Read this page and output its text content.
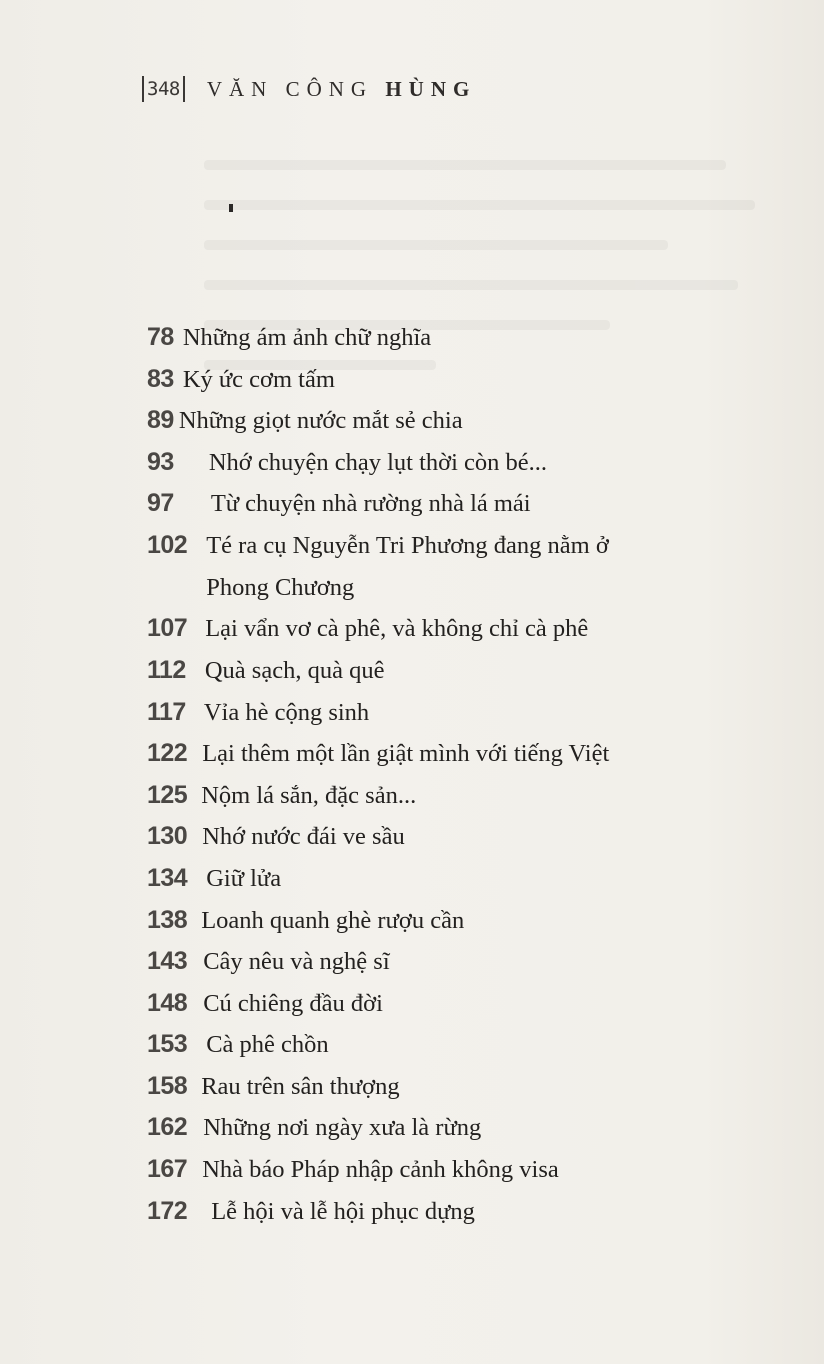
348 VĂN CÔNG HÙNG
78 Những ám ảnh chữ nghĩa
83 Ký ức cơm tấm
89 Những giọt nước mắt sẻ chia
93 Nhớ chuyện chạy lụt thời còn bé...
97 Từ chuyện nhà rường nhà lá mái
102 Té ra cụ Nguyễn Tri Phương đang nằm ở Phong Chương
107 Lại vẩn vơ cà phê, và không chỉ cà phê
112 Quà sạch, quà quê
117 Vỉa hè cộng sinh
122 Lại thêm một lần giật mình với tiếng Việt
125 Nộm lá sắn, đặc sản...
130 Nhớ nước đái ve sầu
134 Giữ lửa
138 Loanh quanh ghè rượu cần
143 Cây nêu và nghệ sĩ
148 Cú chiêng đầu đời
153 Cà phê chồn
158 Rau trên sân thượng
162 Những nơi ngày xưa là rừng
167 Nhà báo Pháp nhập cảnh không visa
172 Lễ hội và lễ hội phục dựng
